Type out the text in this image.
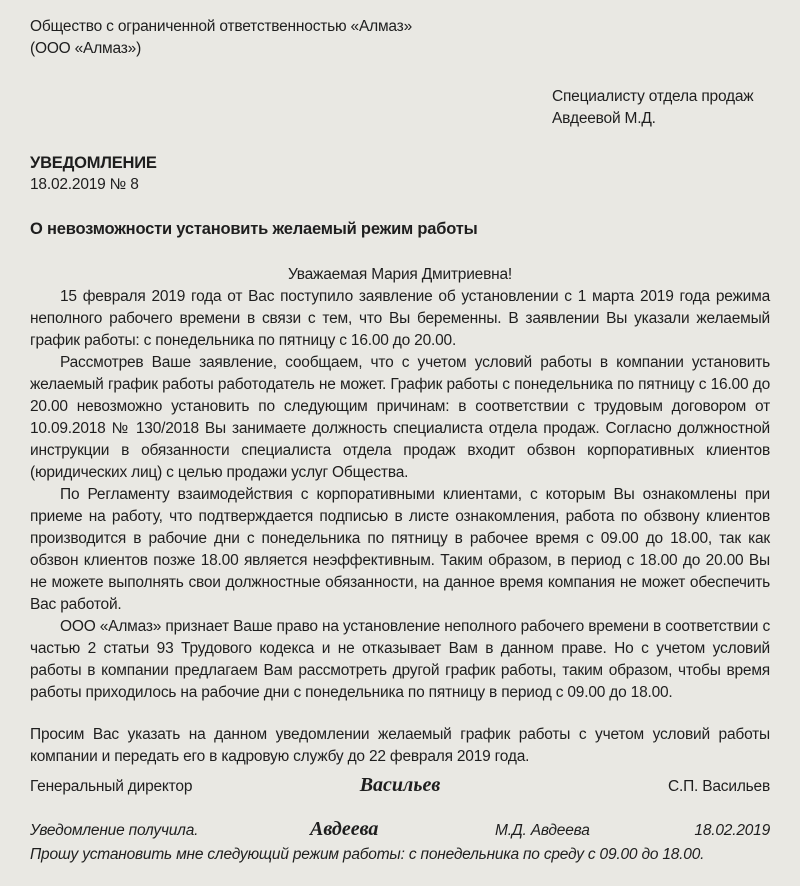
Общество с ограниченной ответственностью «Алмаз»
(ООО «Алмаз»)
Специалисту отдела продаж
Авдеевой М.Д.
УВЕДОМЛЕНИЕ
18.02.2019 № 8
О невозможности установить желаемый режим работы
Уважаемая Мария Дмитриевна!

15 февраля 2019 года от Вас поступило заявление об установлении с 1 марта 2019 года режима неполного рабочего времени в связи с тем, что Вы беременны. В заявлении Вы указали желаемый график работы: с понедельника по пятницу с 16.00 до 20.00.

Рассмотрев Ваше заявление, сообщаем, что с учетом условий работы в компании установить желаемый график работы работодатель не может. График работы с понедельника по пятницу с 16.00 до 20.00 невозможно установить по следующим причинам: в соответствии с трудовым договором от 10.09.2018 № 130/2018 Вы занимаете должность специалиста отдела продаж. Согласно должностной инструкции в обязанности специалиста отдела продаж входит обзвон корпоративных клиентов (юридических лиц) с целью продажи услуг Общества.

По Регламенту взаимодействия с корпоративными клиентами, с которым Вы ознакомлены при приеме на работу, что подтверждается подписью в листе ознакомления, работа по обзвону клиентов производится в рабочие дни с понедельника по пятницу в рабочее время с 09.00 до 18.00, так как обзвон клиентов позже 18.00 является неэффективным. Таким образом, в период с 18.00 до 20.00 Вы не можете выполнять свои должностные обязанности, на данное время компания не может обеспечить Вас работой.

ООО «Алмаз» признает Ваше право на установление неполного рабочего времени в соответствии с частью 2 статьи 93 Трудового кодекса и не отказывает Вам в данном праве. Но с учетом условий работы в компании предлагаем Вам рассмотреть другой график работы, таким образом, чтобы время работы приходилось на рабочие дни с понедельника по пятницу в период с 09.00 до 18.00.

Просим Вас указать на данном уведомлении желаемый график работы с учетом условий работы компании и передать его в кадровую службу до 22 февраля 2019 года.

Генеральный директор	Васильев	С.П. Васильев
Уведомление получила.	Авдеева	М.Д. Авдеева	18.02.2019
Прошу установить мне следующий режим работы: с понедельника по среду с 09.00 до 18.00.
